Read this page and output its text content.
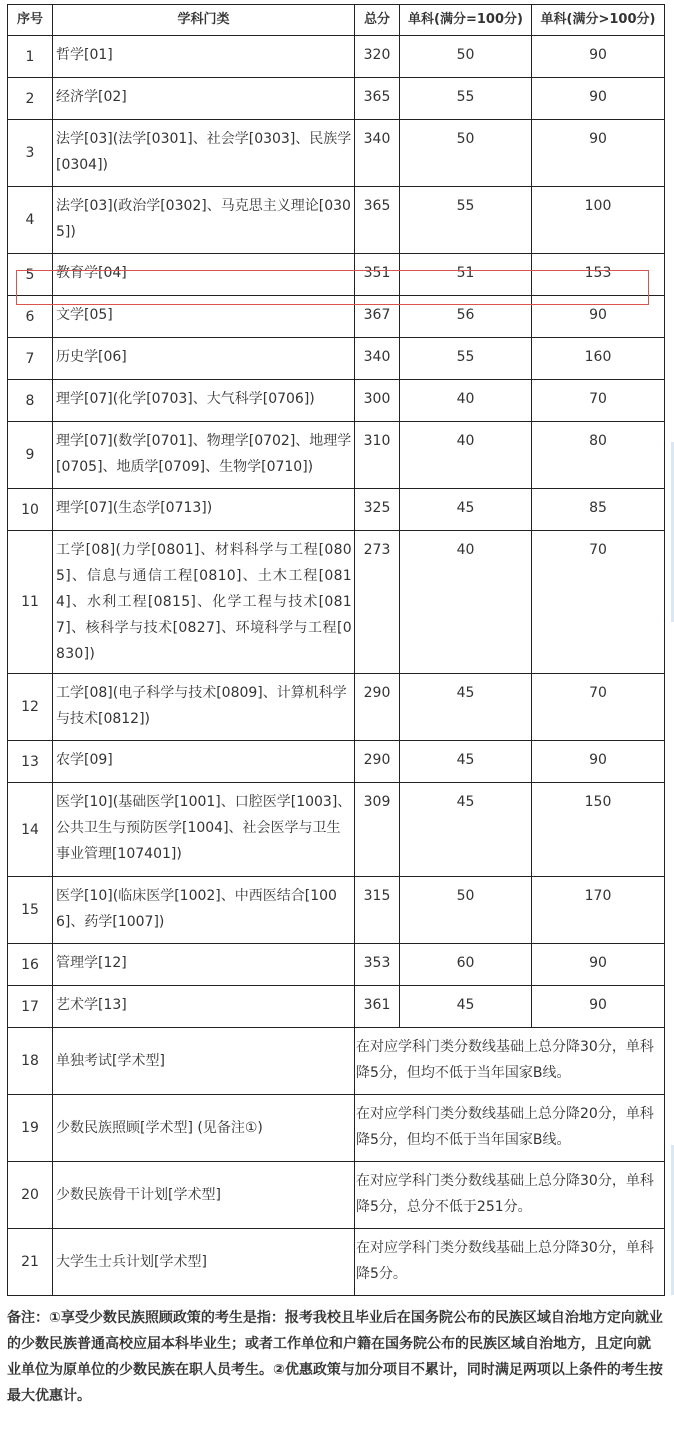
序号	学科门类	总分	单科(满分=100分)	单科(满分>100分)
1	哲学[01]	320	50	90
2	经济学[02]	365	55	90
3	法学[03](法学[0301]、社会学[0303]、民族学[0304])	340	50	90
4	法学[03](政治学[0302]、马克思主义理论[0305])	365	55	100
5	教育学[04]	351	51	153
6	文学[05]	367	56	90
7	历史学[06]	340	55	160
8	理学[07](化学[0703]、大气科学[0706])	300	40	70
9	理学[07](数学[0701]、物理学[0702]、地理学[0705]、地质学[0709]、生物学[0710])	310	40	80
10	理学[07](生态学[0713])	325	45	85
11	工学[08](力学[0801]、材料科学与工程[0805]、信息与通信工程[0810]、土木工程[0814]、水利工程[0815]、化学工程与技术[0817]、核科学与技术[0827]、环境科学与工程[0830])	273	40	70
12	工学[08](电子科学与技术[0809]、计算机科学与技术[0812])	290	45	70
13	农学[09]	290	45	90
14	医学[10](基础医学[1001]、口腔医学[1003]、公共卫生与预防医学[1004]、社会医学与卫生事业管理[107401])	309	45	150
15	医学[10](临床医学[1002]、中西医结合[1006]、药学[1007])	315	50	170
16	管理学[12]	353	60	90
17	艺术学[13]	361	45	90
18	单独考试[学术型]	在对应学科门类分数线基础上总分降30分，单科降5分，但均不低于当年国家B线。		
19	少数民族照顾[学术型] (见备注①)	在对应学科门类分数线基础上总分降20分，单科降5分，但均不低于当年国家B线。		
20	少数民族骨干计划[学术型]	在对应学科门类分数线基础上总分降30分，单科降5分，总分不低于251分。		
21	大学生士兵计划[学术型]	在对应学科门类分数线基础上总分降30分，单科降5分。		
备注：①享受少数民族照顾政策的考生是指：报考我校且毕业后在国务院公布的民族区域自治地方定向就业的少数民族普通高校应届本科毕业生；或者工作单位和户籍在国务院公布的民族区域自治地方，且定向就业单位为原单位的少数民族在职人员考生。②优惠政策与加分项目不累计，同时满足两项以上条件的考生按最大优惠计。
